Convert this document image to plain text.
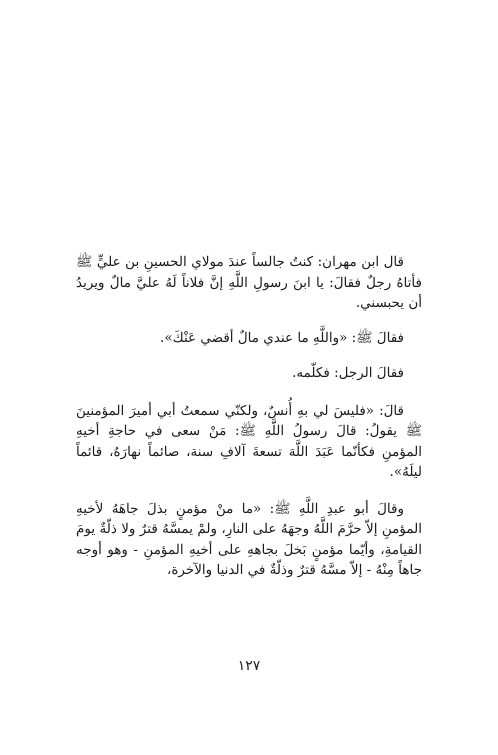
قال ابن مهران: كنتُ جالساً عندَ مولاي الحسينِ بن عليٍّ ﷺ فأتاهُ رجلٌ فقالَ: يا ابنَ رسولِ اللَّهِ إنَّ فلاناً لَهُ عليَّ مالٌ ويريدُ أن يحبسني.

فقالَ ﷺ: «واللَّهِ ما عندي مالٌ أقضي عَنْكَ».

فقالَ الرجل: فكلّمه.

قالَ: «فليسَ لي بهِ أُنسٌ، ولكنّي سمعتُ أبي أميرَ المؤمنينَ ﷺ يقولُ: قالَ رسولُ اللَّهِ ﷺ: مَنْ سعى في حاجةِ أخيهِ المؤمنِ فكأنّما عَبَدَ اللَّهَ تسعةَ آلافِ سنة، صائماً نهارَهُ، قائماً ليلَهُ».

وقالَ أبو عبدِ اللَّهِ ﷺ: «ما منْ مؤمنٍ بذلَ جاهَهُ لأخيهِ المؤمنِ إلاّ حرَّمَ اللَّهُ وجهَهُ على النارِ، ولمْ يمسَّهُ قترٌ ولا ذلّةٌ يومَ القيامةِ، وأيّما مؤمنٍ بَخلَ بجاههِ على أخيهِ المؤمنِ - وهو أوجه جاهاً مِنْهُ - إلاّ مسَّهُ قترٌ وذلّةٌ في الدنيا والآخرة،

١٢٧
